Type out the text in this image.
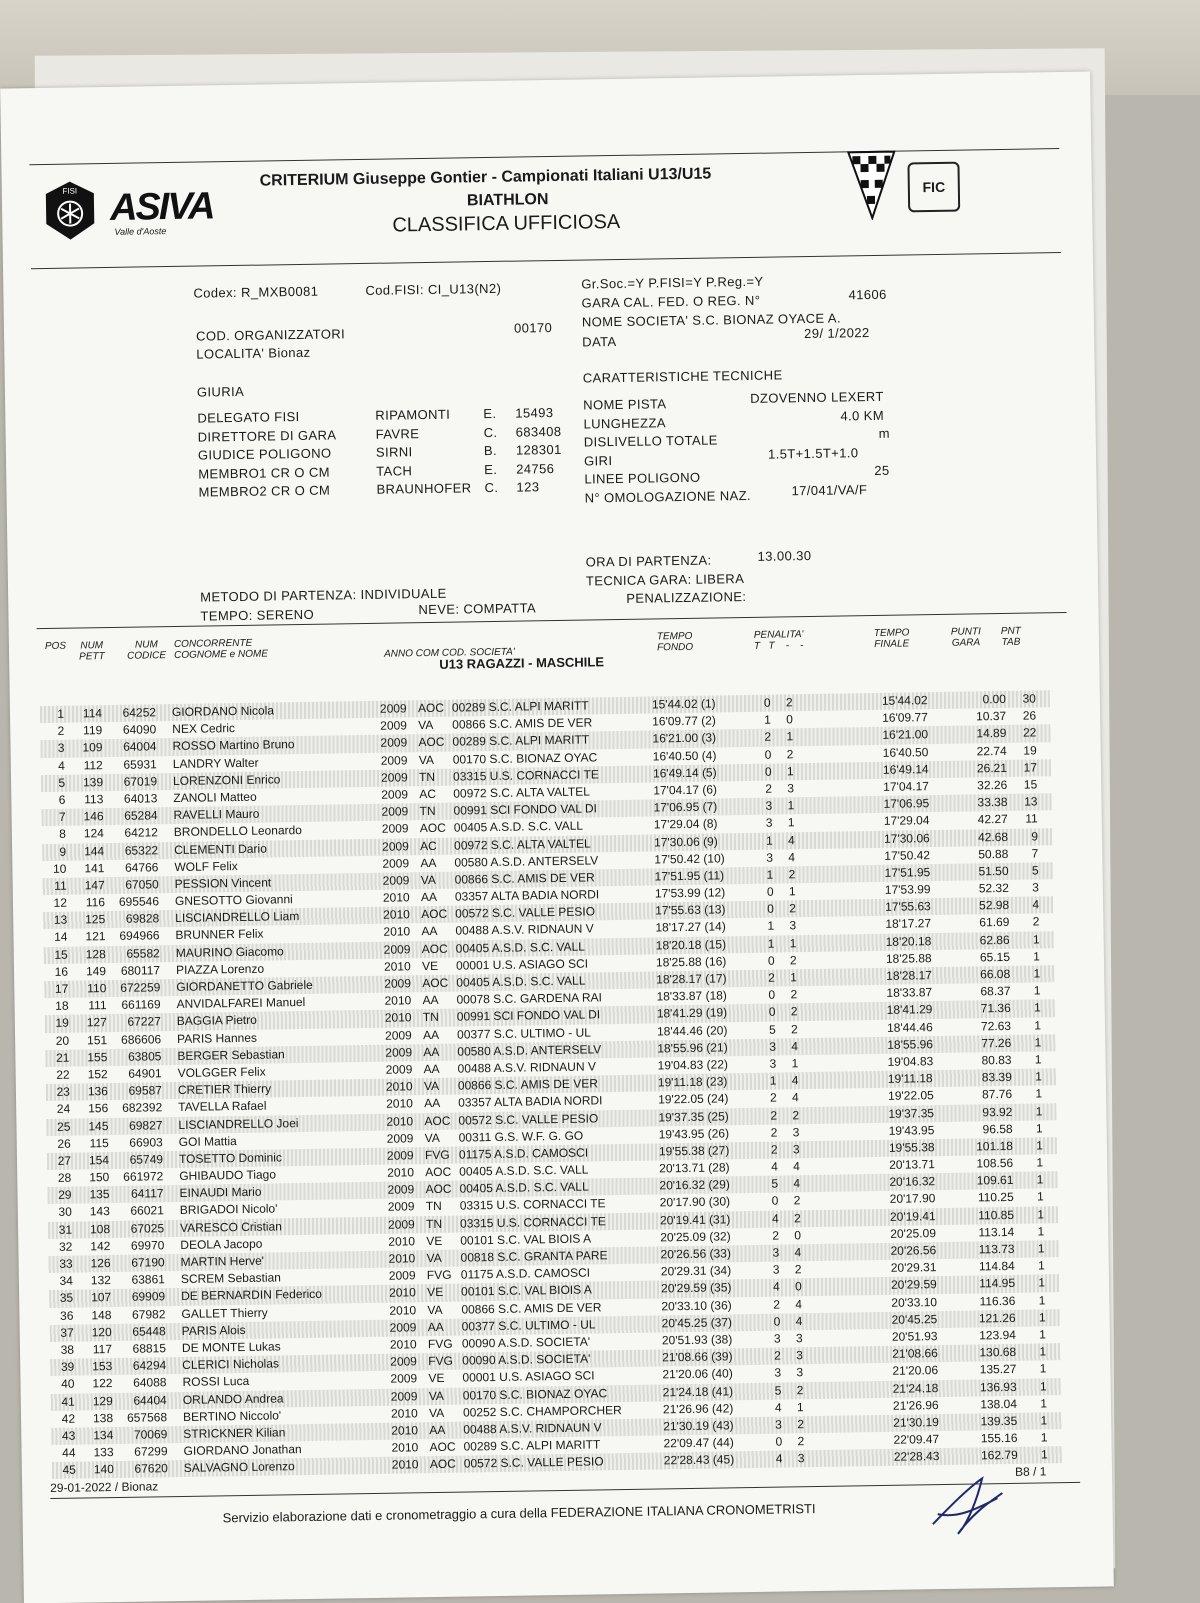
FISI ASIVA
Valle d'Aoste
CRITERIUM Giuseppe Gontier - Campionati Italiani U13/U15
BIATHLON
CLASSIFICA UFFICIOSA
FIC
Codex: R_MXB0081	Cod.FISI: CI_U13(N2)	Gr.Soc.=Y P.FISI=Y P.Reg.=Y
GARA CAL. FED. O REG. N°	41606
COD. ORGANIZZATORI	00170 NOME SOCIETA' S.C. BIONAZ OYACE A.
LOCALITA' Bionaz
DATA
29/ 1/2022
GIURIA
CARATTERISTICHE TECNICHE
DELEGATO FISI	RIPAMONTI	E. 15493
DIRETTORE DI GARA	FAVRE	C. 683408
GIUDICE POLIGONO	SIRNI	B. 128301
MEMBRO1 CR O CM	TACH	E. 24756
MEMBRO2 CR O CM	BRAUNHOFER C. 123
NOME PISTA	DZOVENNO LEXERT
LUNGHEZZA	4.0 KM
DISLIVELLO TOTALE	m
GIRI	1.5T+1.5T+1.0
LINEE POLIGONO	25
N° OMOLOGAZIONE NAZ.	17/041/VA/F
ORA DI PARTENZA:	13.00.30
TECNICA GARA: LIBERA
PENALIZZAZIONE:
METODO DI PARTENZA: INDIVIDUALE
TEMPO: SERENO	NEVE: COMPATTA
POS NUM
PETT
NUM
CODICE
CONCORRENTE
COGNOME e NOME	ANNO COM COD. SOCIETA'
TEMPO
FONDO
PENALITA'
T   T    -    -
TEMPO
FINALE
PUNTI
GARA
PNT
TAB
U13 RAGAZZI - MASCHILE
1	114	64252 GIORDANO Nicola	2009 AOC 00289 S.C. ALPI MARITT	15'44.02 (1)	0 2	15'44.02	0.00	30
2	119	64090 NEX Cedric	2009 VA 00866 S.C. AMIS DE VER	16'09.77 (2)	1 0	16'09.77	10.37	26
3	109	64004 ROSSO Martino Bruno	2009 AOC 00289 S.C. ALPI MARITT	16'21.00 (3)	2 1	16'21.00	14.89	22
4	112	65931 LANDRY Walter	2009 VA 00170 S.C. BIONAZ OYAC	16'40.50 (4)	0 2	16'40.50	22.74	19
5	139	67019 LORENZONI Enrico	2009 TN 03315 U.S. CORNACCI TE	16'49.14 (5)	0 1	16'49.14	26.21	17
6	113	64013 ZANOLI Matteo	2009 AC 00972 S.C. ALTA VALTEL	17'04.17 (6)	2 3	17'04.17	32.26	15
7	146	65284 RAVELLI Mauro	2009 TN 00991 SCI FONDO VAL DI	17'06.95 (7)	3 1	17'06.95	33.38	13
8	124	64212 BRONDELLO Leonardo	2009 AOC 00405 A.S.D. S.C. VALL	17'29.04 (8)	3 1	17'29.04	42.27	11
9	144	65322 CLEMENTI Dario	2009 AC 00972 S.C. ALTA VALTEL	17'30.06 (9)	1 4	17'30.06	42.68	9
10	141	64766 WOLF Felix	2009 AA 00580 A.S.D. ANTERSELV	17'50.42 (10)	3 4	17'50.42	50.88	7
11	147	67050 PESSION Vincent	2009 VA 00866 S.C. AMIS DE VER	17'51.95 (11)	1 2	17'51.95	51.50	5
12	116	695546 GNESOTTO Giovanni	2010 AA 03357 ALTA BADIA NORDI	17'53.99 (12)	0 1	17'53.99	52.32	3
13	125	69828 LISCIANDRELLO Liam	2010 AOC 00572 S.C. VALLE PESIO	17'55.63 (13)	0 2	17'55.63	52.98	4
14	121	694966 BRUNNER Felix	2010 AA 00488 A.S.V. RIDNAUN V	18'17.27 (14)	1 3	18'17.27	61.69	2
15	128	65582 MAURINO Giacomo	2009 AOC 00405 A.S.D. S.C. VALL	18'20.18 (15)	1 1	18'20.18	62.86	1
16	149	680117 PIAZZA Lorenzo	2010 VE 00001 U.S. ASIAGO SCI	18'25.88 (16)	0 2	18'25.88	65.15	1
17	110	672259 GIORDANETTO Gabriele	2009 AOC 00405 A.S.D. S.C. VALL	18'28.17 (17)	2 1	18'28.17	66.08	1
18	111	661169 ANVIDALFAREI Manuel	2010 AA 00078 S.C. GARDENA RAI	18'33.87 (18)	0 2	18'33.87	68.37	1
19	127	67227 BAGGIA Pietro	2010 TN 00991 SCI FONDO VAL DI	18'41.29 (19)	0 2	18'41.29	71.36	1
20	151	686606 PARIS Hannes	2009 AA 00377 S.C. ULTIMO - UL	18'44.46 (20)	5 2	18'44.46	72.63	1
21	155	63805 BERGER Sebastian	2009 AA 00580 A.S.D. ANTERSELV	18'55.96 (21)	3 4	18'55.96	77.26	1
22	152	64901 VOLGGER Felix	2009 AA 00488 A.S.V. RIDNAUN V	19'04.83 (22)	3 1	19'04.83	80.83	1
23	136	69587 CRETIER Thierry	2010 VA 00866 S.C. AMIS DE VER	19'11.18 (23)	1 4	19'11.18	83.39	1
24	156	682392 TAVELLA Rafael	2010 AA 03357 ALTA BADIA NORDI	19'22.05 (24)	2 4	19'22.05	87.76	1
25	145	69827 LISCIANDRELLO Joei	2010 AOC 00572 S.C. VALLE PESIO	19'37.35 (25)	2 2	19'37.35	93.92	1
26	115	66903 GOI Mattia	2009 VA 00311 G.S. W.F. G. GO	19'43.95 (26)	2 3	19'43.95	96.58	1
27	154	65749 TOSETTO Dominic	2009 FVG 01175 A.S.D. CAMOSCI	19'55.38 (27)	2 3	19'55.38	101.18	1
28	150	661972 GHIBAUDO Tiago	2010 AOC 00405 A.S.D. S.C. VALL	20'13.71 (28)	4 4	20'13.71	108.56	1
29	135	64117 EINAUDI Mario	2009 AOC 00405 A.S.D. S.C. VALL	20'16.32 (29)	5 4	20'16.32	109.61	1
30	143	66021 BRIGADOI Nicolo'	2009 TN 03315 U.S. CORNACCI TE	20'17.90 (30)	0 2	20'17.90	110.25	1
31	108	67025 VARESCO Cristian	2009 TN 03315 U.S. CORNACCI TE	20'19.41 (31)	4 2	20'19.41	110.85	1
32	142	69970 DEOLA Jacopo	2010 VE 00101 S.C. VAL BIOIS A	20'25.09 (32)	2 0	20'25.09	113.14	1
33	126	67190 MARTIN Herve'	2010 VA 00818 S.C. GRANTA PARE	20'26.56 (33)	3 4	20'26.56	113.73	1
34	132	63861 SCREM Sebastian	2009 FVG 01175 A.S.D. CAMOSCI	20'29.31 (34)	3 2	20'29.31	114.84	1
35	107	69909 DE BERNARDIN Federico	2010 VE 00101 S.C. VAL BIOIS A	20'29.59 (35)	4 0	20'29.59	114.95	1
36	148	67982 GALLET Thierry	2010 VA 00866 S.C. AMIS DE VER	20'33.10 (36)	2 4	20'33.10	116.36	1
37	120	65448 PARIS Alois	2009 AA 00377 S.C. ULTIMO - UL	20'45.25 (37)	0 4	20'45.25	121.26	1
38	117	68815 DE MONTE Lukas	2010 FVG 00090 A.S.D. SOCIETA'	20'51.93 (38)	3 3	20'51.93	123.94	1
39	153	64294 CLERICI Nicholas	2009 FVG 00090 A.S.D. SOCIETA'	21'08.66 (39)	2 3	21'08.66	130.68	1
40	122	64088 ROSSI Luca	2009 VE 00001 U.S. ASIAGO SCI	21'20.06 (40)	3 3	21'20.06	135.27	1
41	129	64404 ORLANDO Andrea	2009 VA 00170 S.C. BIONAZ OYAC	21'24.18 (41)	5 2	21'24.18	136.93	1
42	138	657568 BERTINO Niccolo'	2010 VA 00252 S.C. CHAMPORCHER	21'26.96 (42)	4 1	21'26.96	138.04	1
43	134	70069 STRICKNER Kilian	2010 AA 00488 A.S.V. RIDNAUN V	21'30.19 (43)	3 2	21'30.19	139.35	1
44	133	67299 GIORDANO Jonathan	2010 AOC 00289 S.C. ALPI MARITT	22'09.47 (44)	0 2	22'09.47	155.16	1
45	140	67620 SALVAGNO Lorenzo	2010 AOC 00572 S.C. VALLE PESIO	22'28.43 (45)	4 3	22'28.43	162.79	1
29-01-2022 / Bionaz
B8 / 1
Servizio elaborazione dati e cronometraggio a cura della FEDERAZIONE ITALIANA CRONOMETRISTI
